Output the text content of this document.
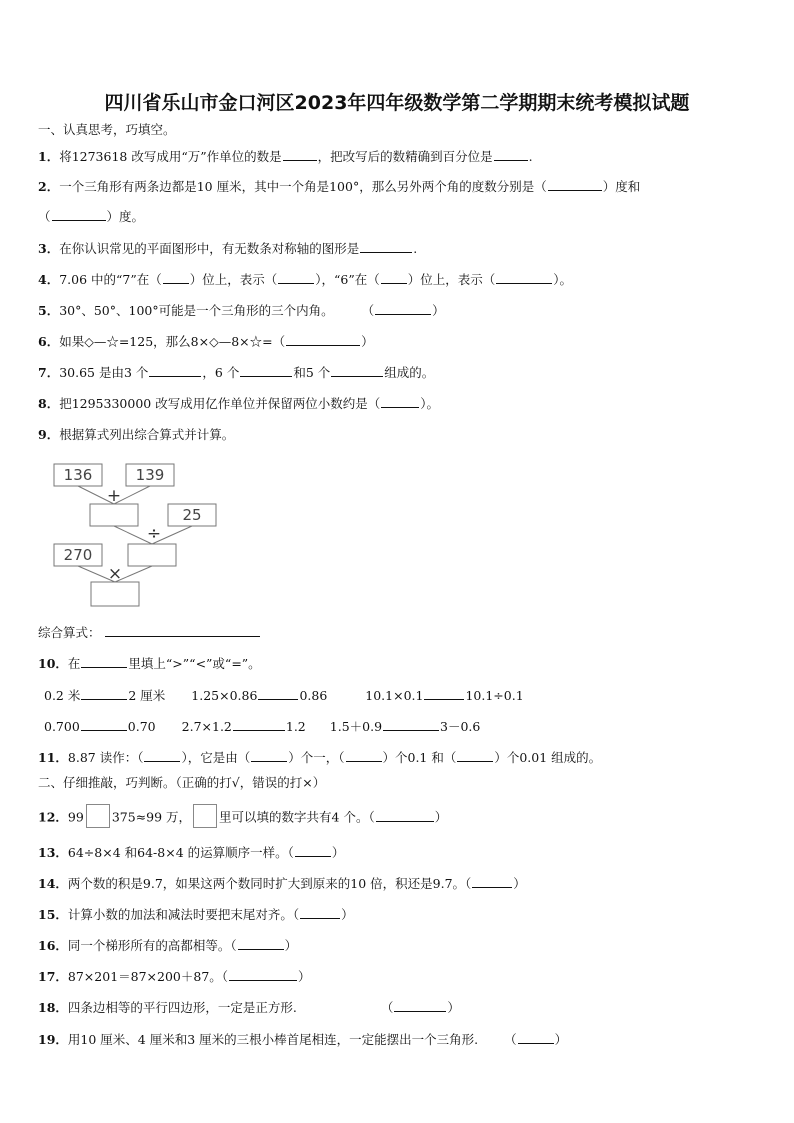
四川省乐山市金口河区2023年四年级数学第二学期期末统考模拟试题
一、认真思考，巧填空。
1．将1273618 改写成用“万”作单位的数是	，把改写后的数精确到百分位是	.
2．一个三角形有两条边都是10 厘米，其中一个角是100°，那么另外两个角的度数分别是（	）度和
（	）度。
3．在你认识常见的平面图形中，有无数条对称轴的图形是	.
4．7.06 中的“7”在（ ）位上，表示（	），“6”在（ ）位上，表示（	）。
5．30°、50°、100°可能是一个三角形的三个内角。 （	）
6．如果◇—☆=125，那么8×◇—8×☆=（	）
7．30.65 是由3 个	，6 个	和5 个	组成的。
8．把1295330000 改写成用亿作单位并保留两位小数约是（	）。
9．根据算式列出综合算式并计算。
136	139
+
25
÷
270
×
综合算式：
10．在	里填上“>”“<”或“=”。
0.2 米	2 厘米 1.25×0.86	0.86	10.1×0.1	10.1÷0.1
0.700	0.70 2.7×1.2	1.2 1.5＋0.9	3－0.6
11．8.87 读作：（	），它是由（	）个一，（	）个0.1 和（	）个0.01 组成的。
二、仔细推敲，巧判断。（正确的打√，错误的打×）
12．99 375≈99 万， 里可以填的数字共有4 个。（	）
13．64÷8×4 和64-8×4 的运算顺序一样。（	）
14．两个数的积是9.7，如果这两个数同时扩大到原来的10 倍，积还是9.7。（	）
15．计算小数的加法和减法时要把末尾对齐。（	）
16．同一个梯形所有的高都相等。（	）
17．87×201＝87×200＋87。（	）
18．四条边相等的平行四边形，一定是正方形.	（	）
19．用10 厘米、4 厘米和3 厘米的三根小棒首尾相连，一定能摆出一个三角形. （	）
